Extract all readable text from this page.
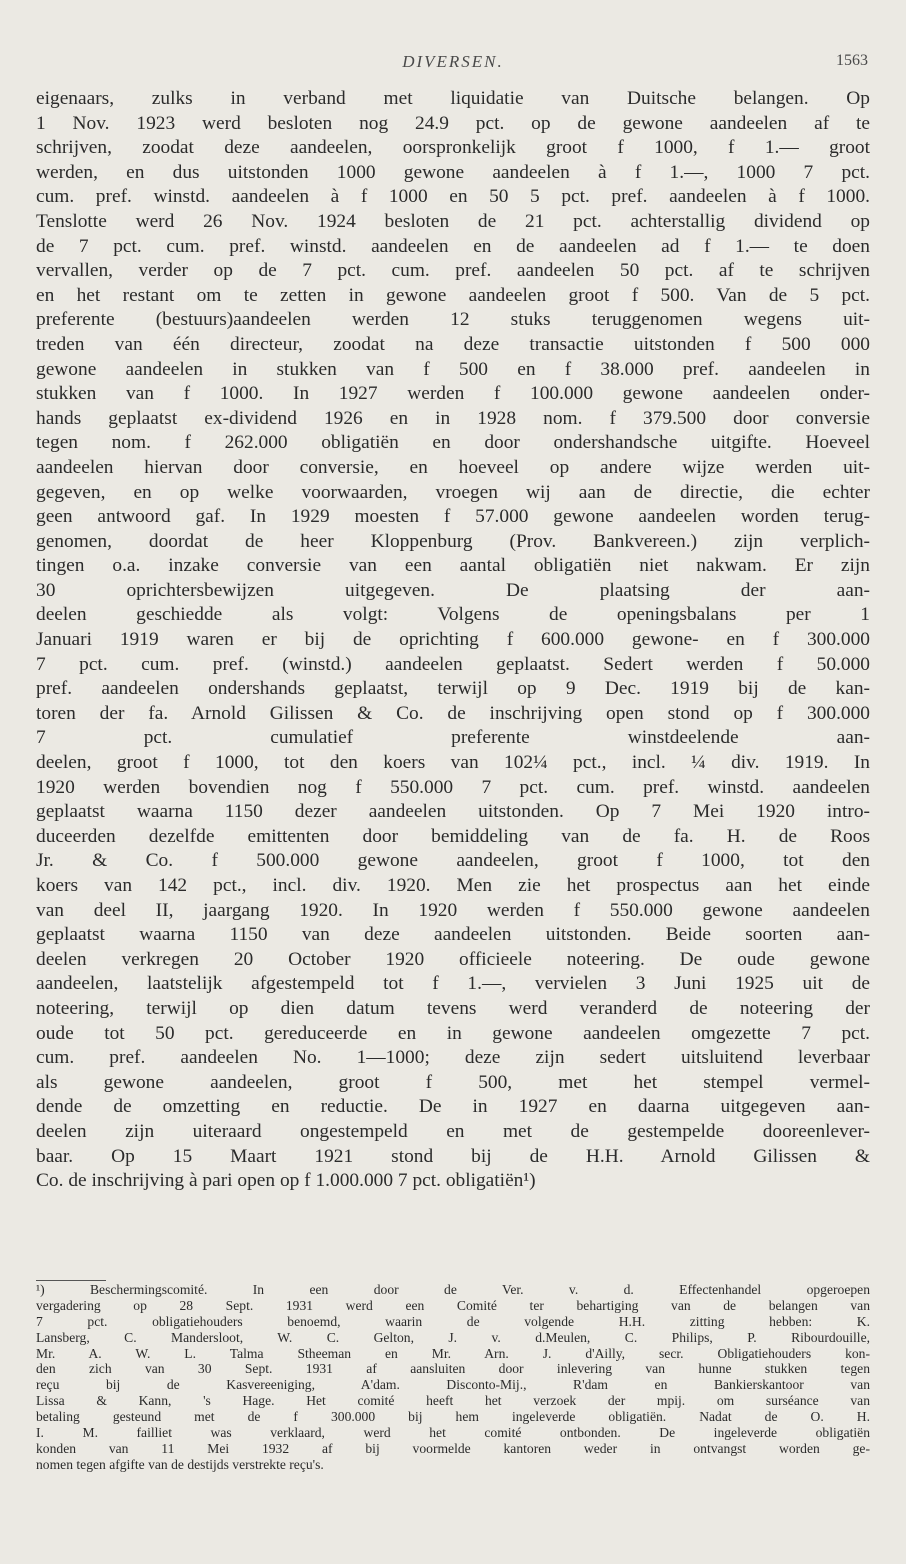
DIVERSEN.	1563
eigenaars, zulks in verband met liquidatie van Duitsche belangen. Op
1 Nov. 1923 werd besloten nog 24.9 pct. op de gewone aandeelen af te
schrijven, zoodat deze aandeelen, oorspronkelijk groot f 1000, f 1.— groot
werden, en dus uitstonden 1000 gewone aandeelen à f 1.—, 1000 7 pct.
cum. pref. winstd. aandeelen à f 1000 en 50 5 pct. pref. aandeelen à f 1000.
Tenslotte werd 26 Nov. 1924 besloten de 21 pct. achterstallig dividend op
de 7 pct. cum. pref. winstd. aandeelen en de aandeelen ad f 1.— te doen
vervallen, verder op de 7 pct. cum. pref. aandeelen 50 pct. af te schrijven
en het restant om te zetten in gewone aandeelen groot f 500. Van de 5 pct.
preferente (bestuurs)aandeelen werden 12 stuks teruggenomen wegens uit-
treden van één directeur, zoodat na deze transactie uitstonden f 500 000
gewone aandeelen in stukken van f 500 en f 38.000 pref. aandeelen in
stukken van f 1000. In 1927 werden f 100.000 gewone aandeelen onder-
hands geplaatst ex-dividend 1926 en in 1928 nom. f 379.500 door conversie
tegen nom. f 262.000 obligatiën en door ondershandsche uitgifte. Hoeveel
aandeelen hiervan door conversie, en hoeveel op andere wijze werden uit-
gegeven, en op welke voorwaarden, vroegen wij aan de directie, die echter
geen antwoord gaf. In 1929 moesten f 57.000 gewone aandeelen worden terug-
genomen, doordat de heer Kloppenburg (Prov. Bankvereen.) zijn verplich-
tingen o.a. inzake conversie van een aantal obligatiën niet nakwam. Er zijn
30 oprichtersbewijzen uitgegeven. De plaatsing der aan-
deelen geschiedde als volgt: Volgens de openingsbalans per 1
Januari 1919 waren er bij de oprichting f 600.000 gewone- en f 300.000
7 pct. cum. pref. (winstd.) aandeelen geplaatst. Sedert werden f 50.000
pref. aandeelen ondershands geplaatst, terwijl op 9 Dec. 1919 bij de kan-
toren der fa. Arnold Gilissen & Co. de inschrijving open stond op f 300.000
7 pct. cumulatief preferente winstdeelende aan-
deelen, groot f 1000, tot den koers van 102¼ pct., incl. ¼ div. 1919. In
1920 werden bovendien nog f 550.000 7 pct. cum. pref. winstd. aandeelen
geplaatst waarna 1150 dezer aandeelen uitstonden. Op 7 Mei 1920 intro-
duceerden dezelfde emittenten door bemiddeling van de fa. H. de Roos
Jr. & Co. f 500.000 gewone aandeelen, groot f 1000, tot den
koers van 142 pct., incl. div. 1920. Men zie het prospectus aan het einde
van deel II, jaargang 1920. In 1920 werden f 550.000 gewone aandeelen
geplaatst waarna 1150 van deze aandeelen uitstonden. Beide soorten aan-
deelen verkregen 20 October 1920 officieele noteering. De oude gewone
aandeelen, laatstelijk afgestempeld tot f 1.—, vervielen 3 Juni 1925 uit de
noteering, terwijl op dien datum tevens werd veranderd de noteering der
oude tot 50 pct. gereduceerde en in gewone aandeelen omgezette 7 pct.
cum. pref. aandeelen No. 1—1000; deze zijn sedert uitsluitend leverbaar
als gewone aandeelen, groot f 500, met het stempel vermel-
dende de omzetting en reductie. De in 1927 en daarna uitgegeven aan-
deelen zijn uiteraard ongestempeld en met de gestempelde dooreenlever-
baar. Op 15 Maart 1921 stond bij de H.H. Arnold Gilissen &
Co. de inschrijving à pari open op f 1.000.000 7 pct. obligatiën¹)
¹) Beschermingscomité. In een door de Ver. v. d. Effectenhandel opgeroepen
vergadering op 28 Sept. 1931 werd een Comité ter behartiging van de belangen van
7 pct. obligatiehouders benoemd, waarin de volgende H.H. zitting hebben: K.
Lansberg, C. Mandersloot, W. C. Gelton, J. v. d.Meulen, C. Philips, P. Ribourdouille,
Mr. A. W. L. Talma Stheeman en Mr. Arn. J. d'Ailly, secr. Obligatiehouders kon-
den zich van 30 Sept. 1931 af aansluiten door inlevering van hunne stukken tegen
reçu bij de Kasvereeniging, A'dam. Disconto-Mij., R'dam en Bankierskantoor van
Lissa & Kann, 's Hage. Het comité heeft het verzoek der mpij. om surséance van
betaling gesteund met de f 300.000 bij hem ingeleverde obligatiën. Nadat de O. H.
I. M. failliet was verklaard, werd het comité ontbonden. De ingeleverde obligatiën
konden van 11 Mei 1932 af bij voormelde kantoren weder in ontvangst worden ge-
nomen tegen afgifte van de destijds verstrekte reçu's.
